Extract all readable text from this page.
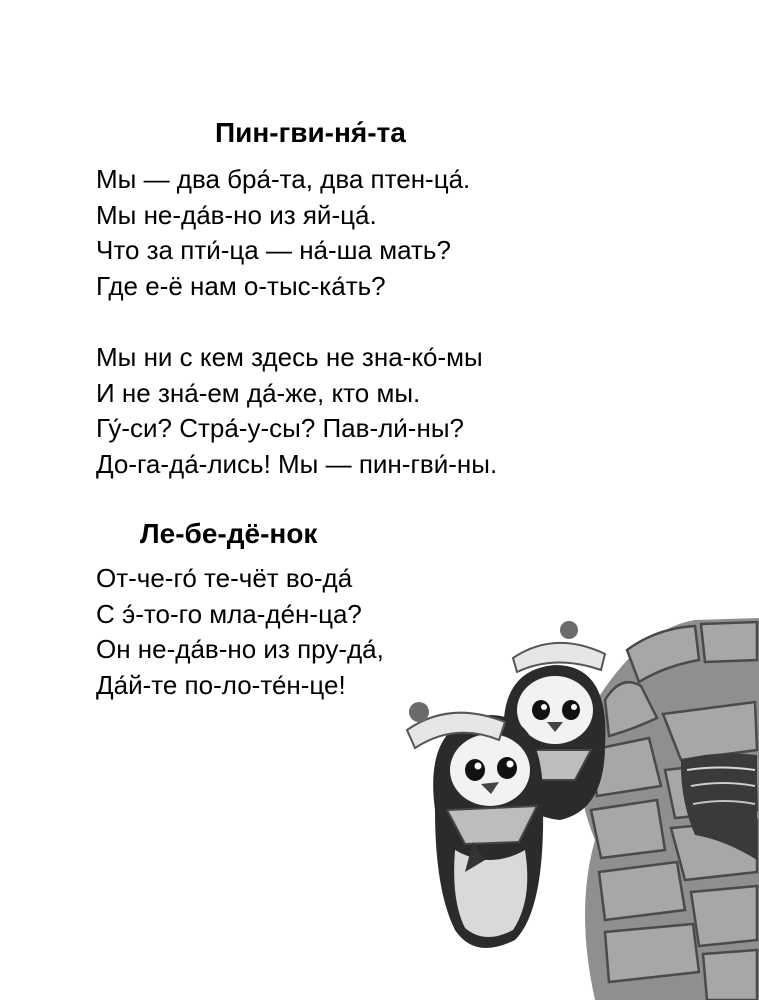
Пин-гви-ня́-та
Мы — два бра́-та, два птен-ца́.
Мы не-да́в-но из яй-ца́.
Что за пти́-ца — на́-ша мать?
Где е-ё нам о-тыс-ка́ть?
Мы ни с кем здесь не зна-ко́-мы
И не зна́-ем да́-же, кто мы.
Гу́-си? Стра́-у-сы? Пав-ли́-ны?
До-га-да́-лись! Мы — пин-гви́-ны.
Ле-бе-дё-нок
От-че-го́ те-чёт во-да́
С э́-то-го мла-де́н-ца?
Он не-да́в-но из пру-да́,
Да́й-те по-ло-те́н-це!
